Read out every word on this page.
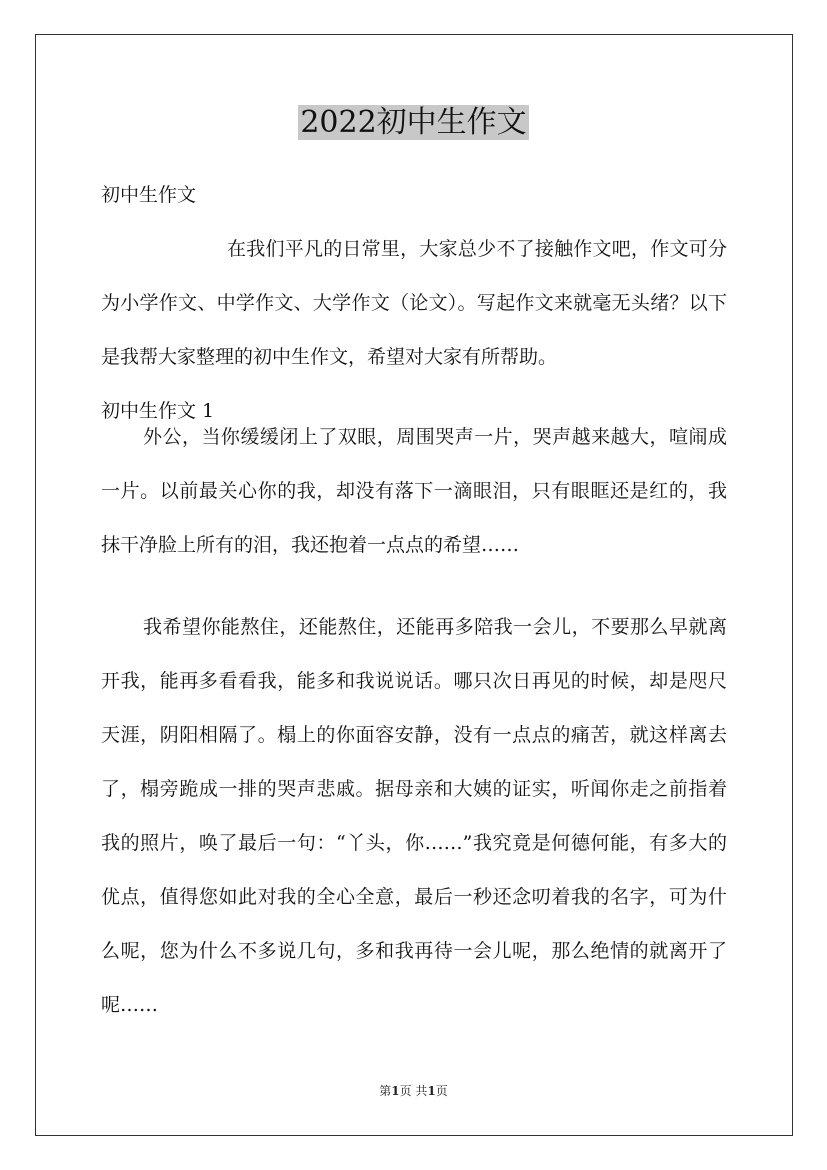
2022初中生作文
初中生作文
在我们平凡的日常里，大家总少不了接触作文吧，作文可分为小学作文、中学作文、大学作文（论文）。写起作文来就毫无头绪？以下是我帮大家整理的初中生作文，希望对大家有所帮助。
初中生作文 1
外公，当你缓缓闭上了双眼，周围哭声一片，哭声越来越大，喧闹成一片。以前最关心你的我，却没有落下一滴眼泪，只有眼眶还是红的，我抹干净脸上所有的泪，我还抱着一点点的希望……
我希望你能熬住，还能熬住，还能再多陪我一会儿，不要那么早就离开我，能再多看看我，能多和我说说话。哪只次日再见的时候，却是咫尺天涯，阴阳相隔了。榻上的你面容安静，没有一点点的痛苦，就这样离去了，榻旁跪成一排的哭声悲戚。据母亲和大姨的证实，听闻你走之前指着我的照片，唤了最后一句：“丫头，你……”我究竟是何德何能，有多大的优点，值得您如此对我的全心全意，最后一秒还念叨着我的名字，可为什么呢，您为什么不多说几句，多和我再待一会儿呢，那么绝情的就离开了呢……
第1页 共1页
